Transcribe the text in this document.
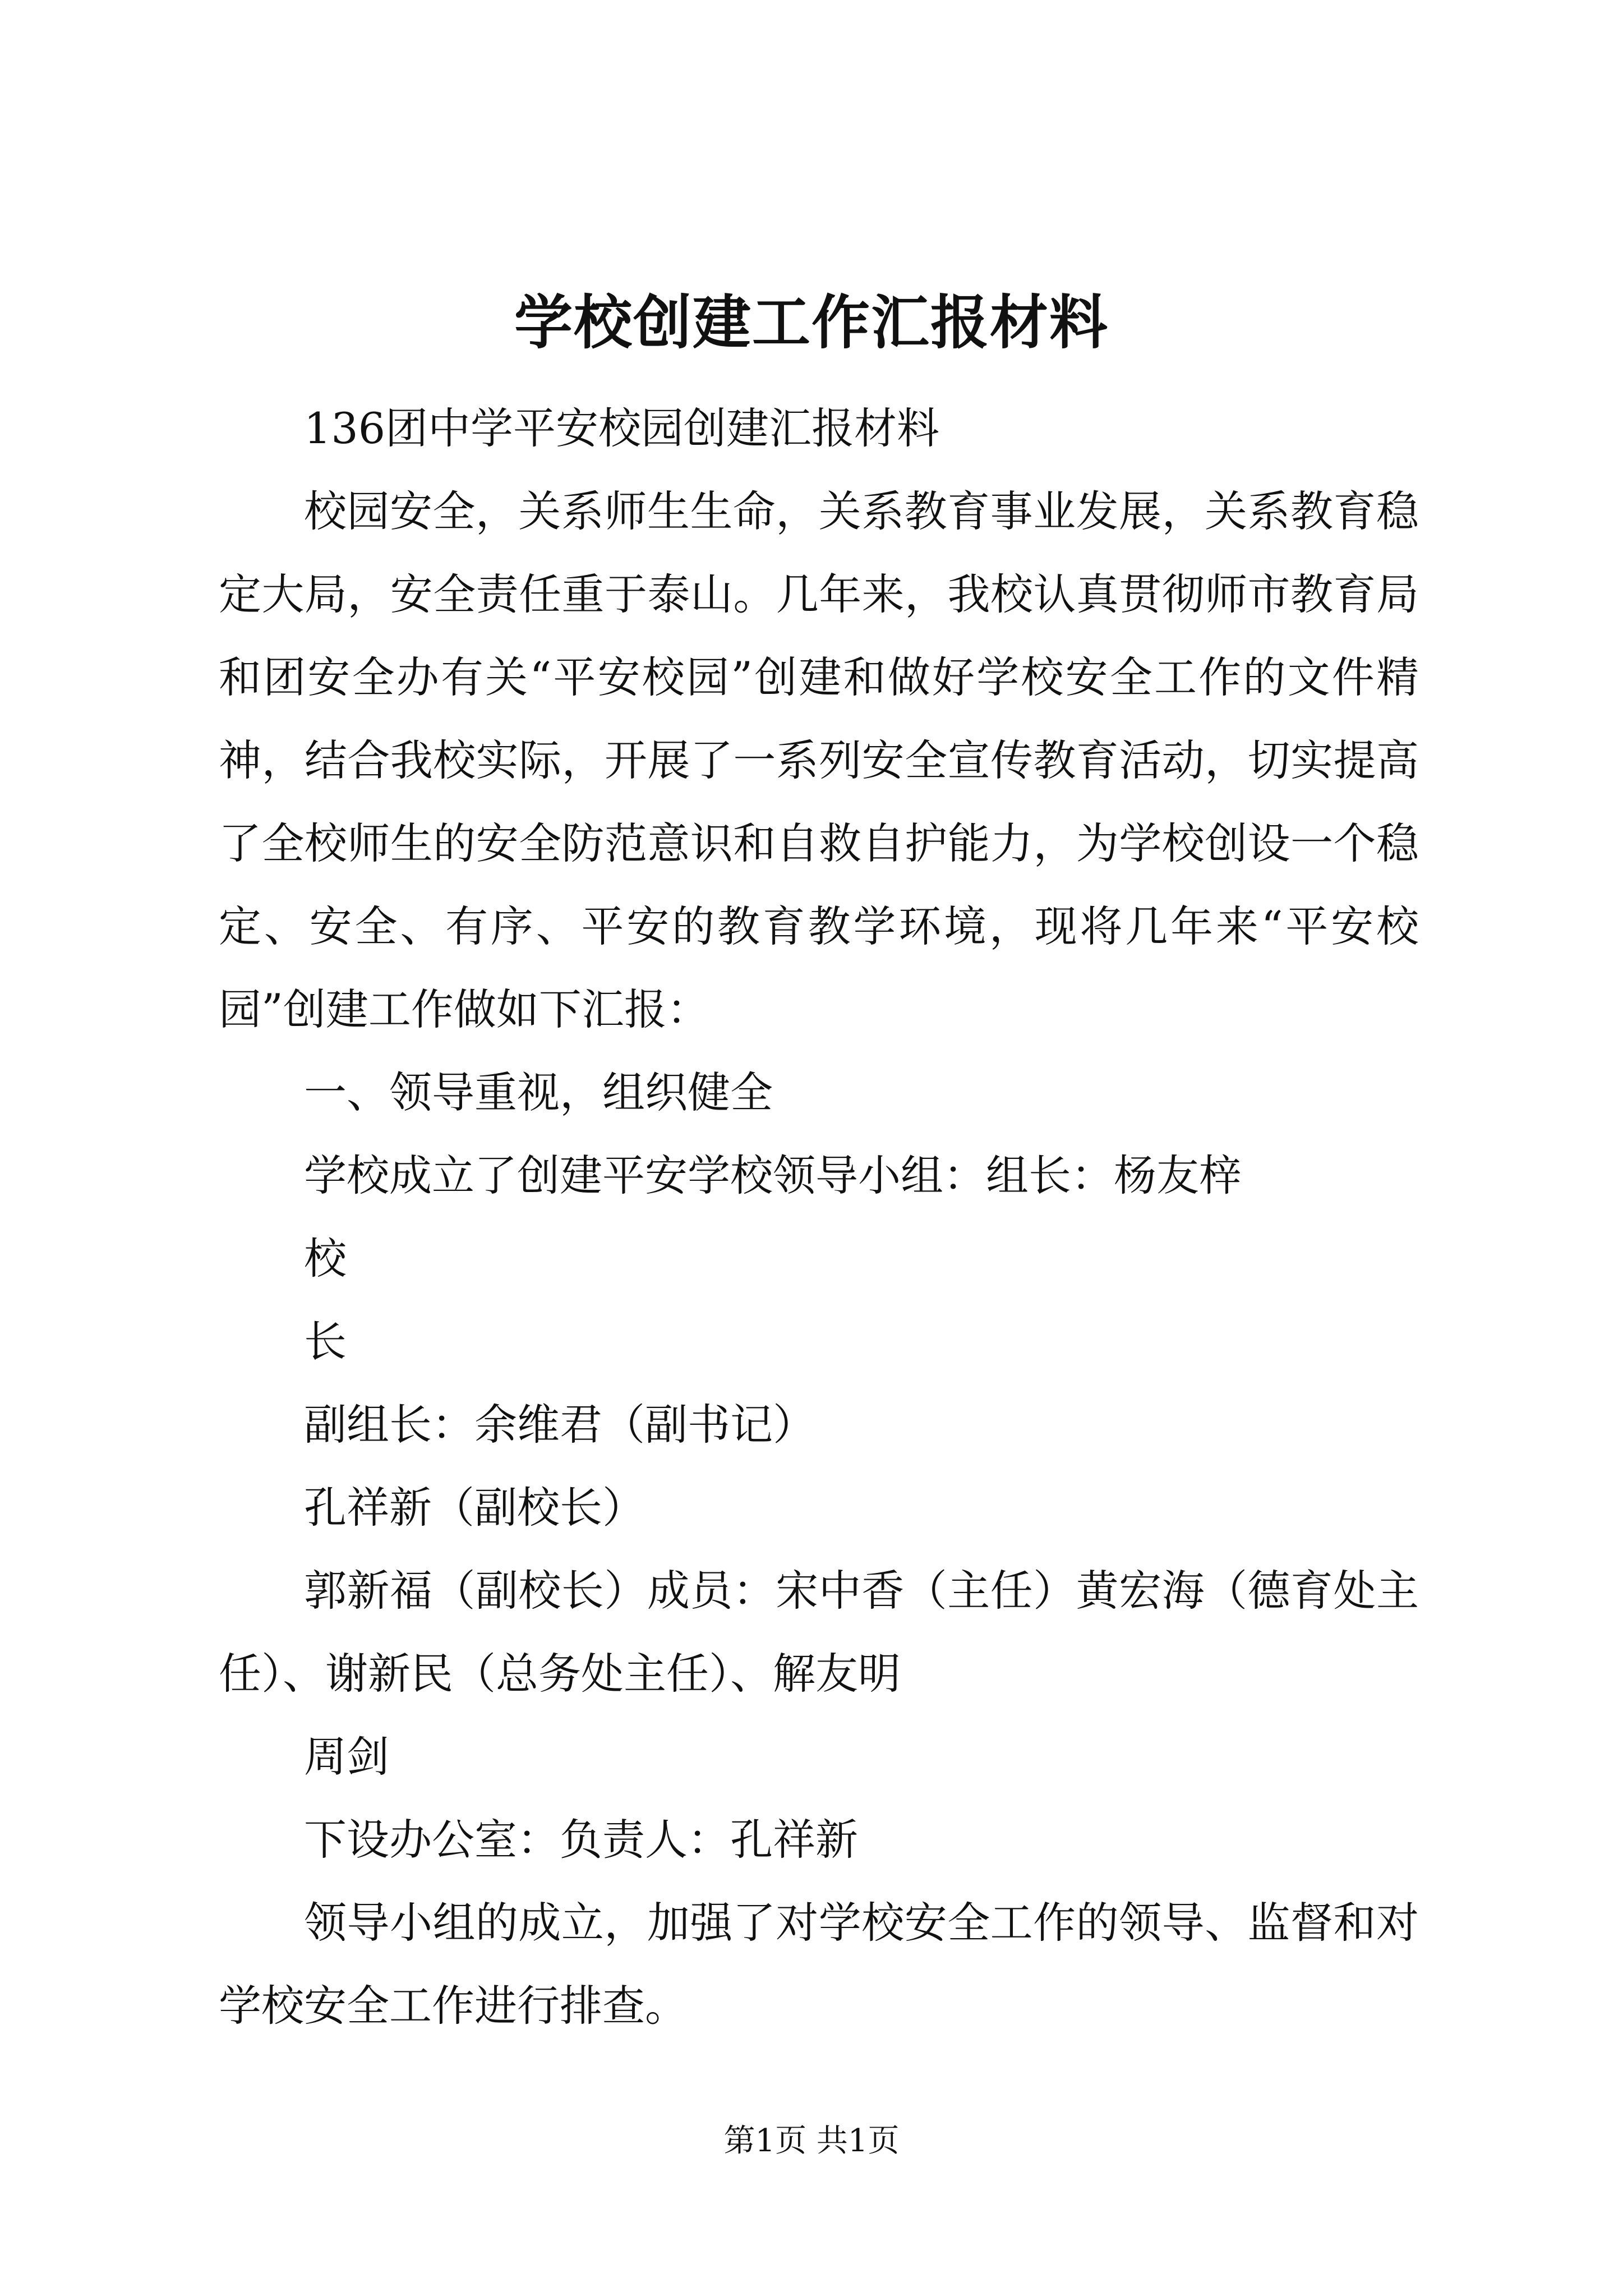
学校创建工作汇报材料

136团中学平安校园创建汇报材料

校园安全，关系师生生命，关系教育事业发展，关系教育稳定大局，安全责任重于泰山。几年来，我校认真贯彻师市教育局和团安全办有关“平安校园”创建和做好学校安全工作的文件精神，结合我校实际，开展了一系列安全宣传教育活动，切实提高了全校师生的安全防范意识和自救自护能力，为学校创设一个稳定、安全、有序、平安的教育教学环境，现将几年来“平安校园”创建工作做如下汇报：

一、领导重视，组织健全

学校成立了创建平安学校领导小组：组长：杨友梓

校

长

副组长：余维君（副书记）

孔祥新（副校长）

郭新福（副校长）成员：宋中香（主任）黄宏海（德育处主任）、谢新民（总务处主任）、解友明

周剑

下设办公室：负责人：孔祥新

领导小组的成立，加强了对学校安全工作的领导、监督和对学校安全工作进行排查。

第1页 共1页
